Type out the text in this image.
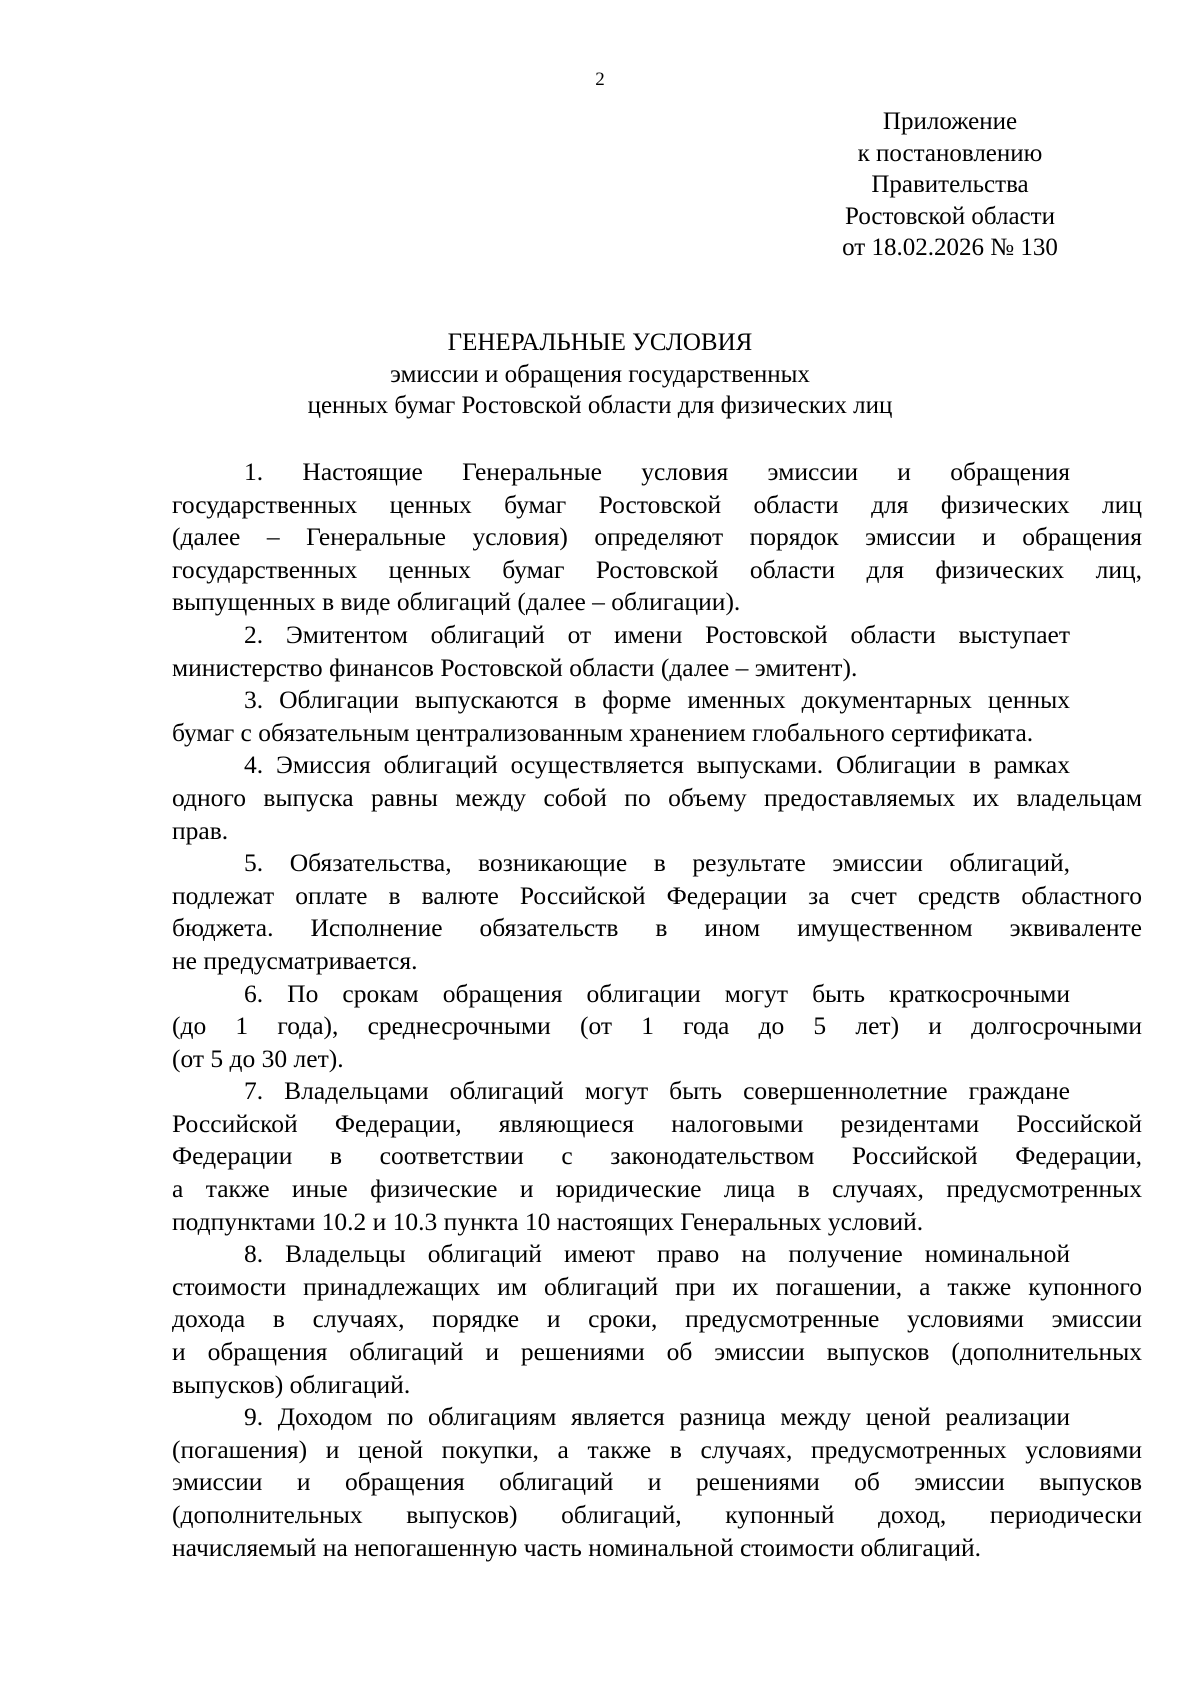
2
Приложение
к постановлению
Правительства
Ростовской области
от 18.02.2026 № 130
ГЕНЕРАЛЬНЫЕ УСЛОВИЯ
эмиссии и обращения государственных
ценных бумаг Ростовской области для физических лиц
1. Настоящие Генеральные условия эмиссии и обращения
государственных ценных бумаг Ростовской области для физических лиц
(далее – Генеральные условия) определяют порядок эмиссии и обращения
государственных ценных бумаг Ростовской области для физических лиц,
выпущенных в виде облигаций (далее – облигации).
2. Эмитентом облигаций от имени Ростовской области выступает
министерство финансов Ростовской области (далее – эмитент).
3. Облигации выпускаются в форме именных документарных ценных
бумаг с обязательным централизованным хранением глобального сертификата.
4. Эмиссия облигаций осуществляется выпусками. Облигации в рамках
одного выпуска равны между собой по объему предоставляемых их владельцам
прав.
5. Обязательства, возникающие в результате эмиссии облигаций,
подлежат оплате в валюте Российской Федерации за счет средств областного
бюджета. Исполнение обязательств в ином имущественном эквиваленте
не предусматривается.
6. По срокам обращения облигации могут быть краткосрочными
(до 1 года), среднесрочными (от 1 года до 5 лет) и долгосрочными
(от 5 до 30 лет).
7. Владельцами облигаций могут быть совершеннолетние граждане
Российской Федерации, являющиеся налоговыми резидентами Российской
Федерации в соответствии с законодательством Российской Федерации,
а также иные физические и юридические лица в случаях, предусмотренных
подпунктами 10.2 и 10.3 пункта 10 настоящих Генеральных условий.
8. Владельцы облигаций имеют право на получение номинальной
стоимости принадлежащих им облигаций при их погашении, а также купонного
дохода в случаях, порядке и сроки, предусмотренные условиями эмиссии
и обращения облигаций и решениями об эмиссии выпусков (дополнительных
выпусков) облигаций.
9. Доходом по облигациям является разница между ценой реализации
(погашения) и ценой покупки, а также в случаях, предусмотренных условиями
эмиссии и обращения облигаций и решениями об эмиссии выпусков
(дополнительных выпусков) облигаций, купонный доход, периодически
начисляемый на непогашенную часть номинальной стоимости облигаций.
